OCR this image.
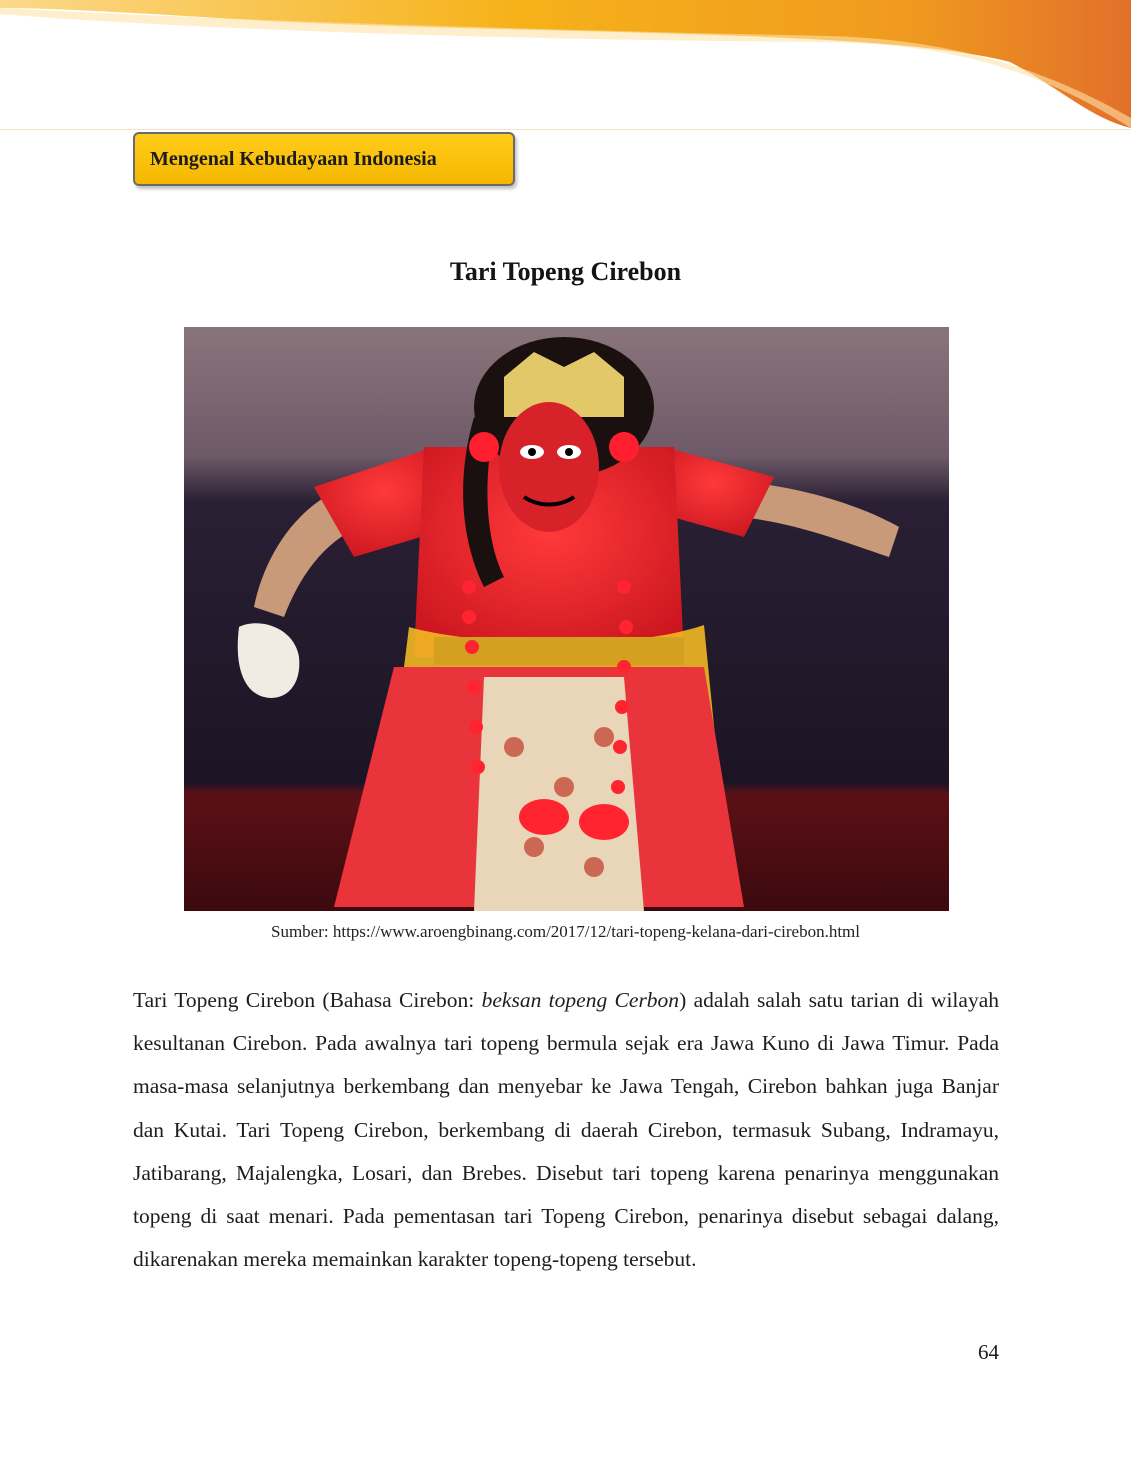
Mengenal Kebudayaan Indonesia
Tari Topeng Cirebon
Sumber: https://www.aroengbinang.com/2017/12/tari-topeng-kelana-dari-cirebon.html
Tari Topeng Cirebon (Bahasa Cirebon: beksan topeng Cerbon) adalah salah satu tarian di wilayah kesultanan Cirebon. Pada awalnya tari topeng bermula sejak era Jawa Kuno di Jawa Timur. Pada masa-masa selanjutnya berkembang dan menyebar ke Jawa Tengah, Cirebon bahkan juga Banjar dan Kutai. Tari Topeng Cirebon, berkembang di daerah Cirebon, termasuk Subang, Indramayu, Jatibarang, Majalengka, Losari, dan Brebes. Disebut tari topeng karena penarinya menggunakan topeng di saat menari. Pada pementasan tari Topeng Cirebon, penarinya disebut sebagai dalang, dikarenakan mereka memainkan karakter topeng-topeng tersebut.
64
